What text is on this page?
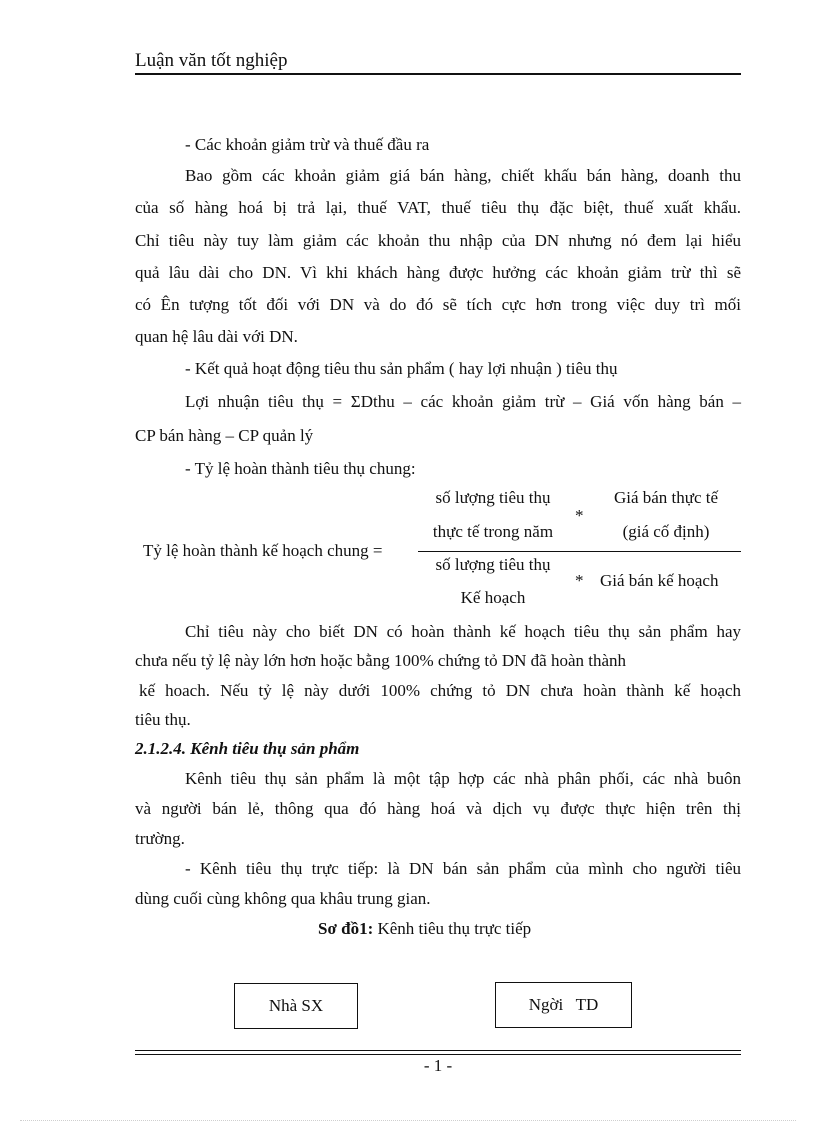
Luận văn tốt nghiệp
- Các khoản giảm trừ và thuế đầu ra
Bao gồm các khoản giảm giá bán hàng, chiết khấu bán hàng, doanh thu
của số hàng hoá bị trả lại, thuế VAT, thuế tiêu thụ đặc biệt, thuế xuất khẩu.
Chỉ tiêu này tuy làm giảm các khoản thu nhập của DN nhưng nó đem lại hiểu
quả lâu dài cho DN. Vì khi khách hàng được hưởng các khoản giảm trừ thì sẽ
có Ên tượng tốt đối với DN và do đó sẽ tích cực hơn trong việc duy trì mối
quan hệ lâu dài với DN.
- Kết quả hoạt động tiêu thu sản phẩm ( hay lợi nhuận ) tiêu thụ
Lợi nhuận tiêu thụ = ΣDthu – các khoản giảm trừ – Giá vốn hàng bán –
CP bán hàng – CP quản lý
- Tỷ lệ hoàn thành tiêu thụ chung:
Tỷ lệ hoàn thành kế hoạch chung =
số lượng tiêu thụ
thực tế trong năm
*
Giá bán thực tế
(giá cố định)
số lượng tiêu thụ
Kế hoạch
* Giá bán kế hoạch
Chỉ tiêu này cho biết DN có hoàn thành kế hoạch tiêu thụ sản phẩm hay
chưa nếu tỷ lệ này lớn hơn hoặc bằng 100% chứng tỏ DN đã hoàn thành
kế hoach. Nếu tỷ lệ này dưới 100% chứng tỏ DN chưa hoàn thành kế hoạch
tiêu thụ.
2.1.2.4. Kênh tiêu thụ sản phẩm
Kênh tiêu thụ sản phẩm là một tập hợp các nhà phân phối, các nhà buôn
và người bán lẻ, thông qua đó hàng hoá và dịch vụ được thực hiện trên thị
trường.
- Kênh tiêu thụ trực tiếp: là DN bán sản phẩm của mình cho người tiêu
dùng cuối cùng không qua khâu trung gian.
Sơ đồ1: Kênh tiêu thụ trực tiếp
Nhà SX	Ngời   TD
- 1 -
